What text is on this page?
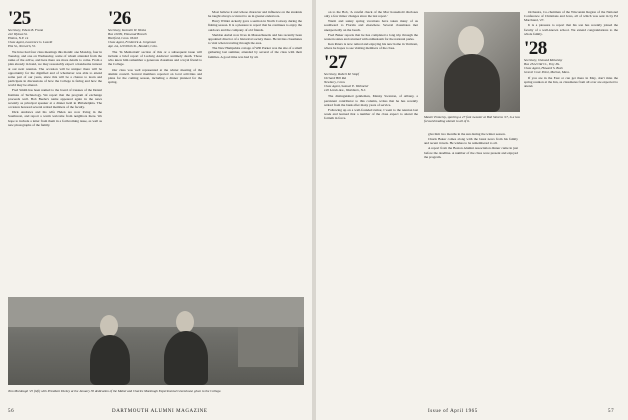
'25
Secretary, Edwin B. Frank
222 Wyman St.
Elmira, N.Y. 14
Class Agent, Lawrence G. Leavitt
Elm St., Norwich, Vt.

We have had four class meetings this month: one Monday, four in Tuesday, and one on Wednesday, some of whom attended from the ranks of the active, and here there are more details to come. From a plan already in hand, we may reasonably expect a handsome turnout at our next reunion. The occasion will be unique: there will be opportunity for the dignified and of whomever was able to attend some part of our years, since this will be a chance to learn and participate in discussions of how the College is faring and how the world may be altered.

Fred Smith has been named to the board of trustees of the Dental Institute of Technology. We report that the program of exchange proceeds well. Bob Beebe's name appeared again in the news recently as principal speaker at a dinner held in Philadelphia. The occasion honored several retired members of the faculty.

Dick Andrews and his wife Helen are now living in the Southwest, and report a warm welcome from neighbors there. We hope to include a letter from them in a forthcoming issue, as well as new photographs of the family.

'26
Secretary, Kenneth W. Weeks
Box 10299, Elmwood Branch
Hartford, Conn. 06110
Class Agent, Frederick A. Jorgensen
Apt. 2A, 120 Ninth St., Boulder, Colo.

The 'In Memoriam' section of this or a subsequent issue will include a brief report of Ludwig Andrews' untimely death. Those who knew him remember a generous classmate and a loyal friend to the College.

Our class was well represented at the winter meeting of the alumni council. Several members reported on local activities and plans for the coming season, including a dinner planned for the spring.

Most believe it and whose character and influence on the students he taught always occurred to us in greater endeavors.

Harry Wilder Ackerly gave a sermon in North Conway during the fishing season. It is a pleasure to report that he continues to enjoy the outdoors and the company of old friends.

Sheldon Aubel now lives in Massachusetts and has recently been appointed director of a historical society there. He invites classmates to visit when traveling through the area.

The New Hampshire cottage of Will Parker was the site of a small gathering last summer, attended by several of the class with their families. A good time was had by all.

Tom Murdough '25 (left) with President Dickey at the January 30 dedication of the Mabel and Charles Murdough Experimental Greenhouse given to the College.
56	DARTMOUTH ALUMNI MAGAZINE

on to the Bob, 'A careful check of the Mac household discloses only a few minor changes since the last report.'

Warm and sunny spring vacations have taken many of us southward to Florida and elsewhere. Several classmates met unexpectedly on the beach.

Fred Baker reports that he has completed a long trip through the western states and returned with enthusiasm for the national parks.

Ken Peters is now retired and enjoying his new home in Vermont, where he hopes to see visiting members of the class.

'27
Secretary, Robert M. Stopf
Orchard Hill Rd.
Newbury, Conn.
Class Agent, Samuel E. Wehmeier
120 Lomis Ave., Washburn, N.J.

The distinguished gentleman, Manny Swanton, of Albany, a persistent contributor to this column, writes that he has recently retired from the bank after many years of service.

Following up on a well-founded rumor, I went to the reunion last week and learned that a number of the class expect to attend the fortieth in force.	Master Pomeroy, sporting a 27 foot sweater at Bob Stevens '27, is a law forward leading alumni to all of it.

give him two months in the sun during the winter season.

Chuck Baker comes along with the latest news from his family and recent travels. He wishes to be remembered to all.

A report from the Boston Alumni Association dinner came in just before the deadline. A number of the class were present and enjoyed the program.

Orchestra, Co-chairman of the Wisconsin Region of the National Conference of Christians and Jews, all of which was sent in by Ed Marchand, '27.

It is a pleasure to report that his son has recently joined the faculty of a well-known school. We extend congratulations to the whole family.

'28
Secretary, Osmond Molarsky
Box 2524 Old Ct., Troy Pa.
Class Agent, Howard S. Bush
Gravel Cove Point, Marion, Mass.

If you are in the East or can get there in May, don't miss the spring reunion at the Inn, as classmates from all over are expected to attend.

Issue of April 1965	57
